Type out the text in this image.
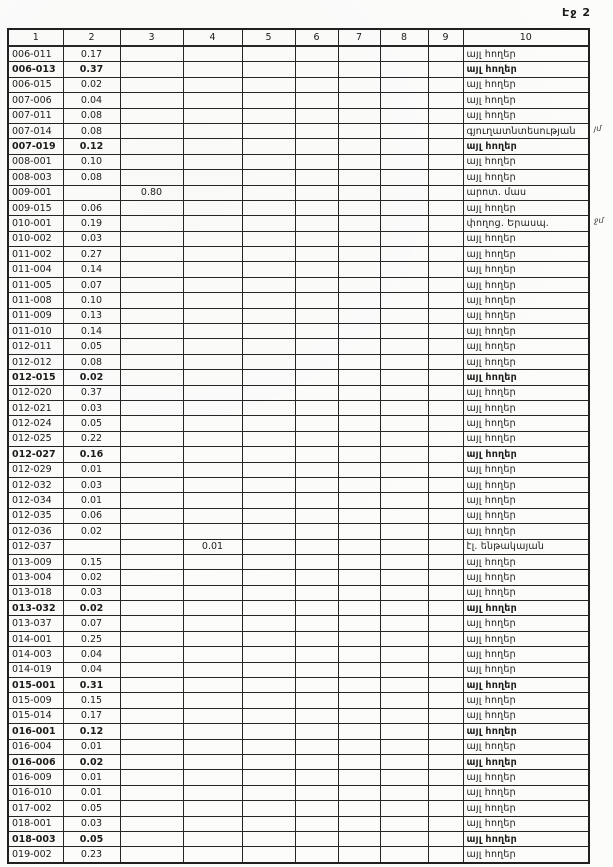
Էջ 2
1	2	3	4	5	6	7	8	9	10
006-011	0.17								այլ հողեր
006-013	0.37								այլ հողեր
006-015	0.02								այլ հողեր
007-006	0.04								այլ հողեր
007-011	0.08								այլ հողեր
007-014	0.08								գյուղատնտեսության
007-019	0.12								այլ հողեր
008-001	0.10								այլ հողեր
008-003	0.08								այլ հողեր
009-001		0.80							արոտ. մաս
009-015	0.06								այլ հողեր
010-001	0.19								փողոց. Երասպ.
010-002	0.03								այլ հողեր
011-002	0.27								այլ հողեր
011-004	0.14								այլ հողեր
011-005	0.07								այլ հողեր
011-008	0.10								այլ հողեր
011-009	0.13								այլ հողեր
011-010	0.14								այլ հողեր
012-011	0.05								այլ հողեր
012-012	0.08								այլ հողեր
012-015	0.02								այլ հողեր
012-020	0.37								այլ հողեր
012-021	0.03								այլ հողեր
012-024	0.05								այլ հողեր
012-025	0.22								այլ հողեր
012-027	0.16								այլ հողեր
012-029	0.01								այլ հողեր
012-032	0.03								այլ հողեր
012-034	0.01								այլ հողեր
012-035	0.06								այլ հողեր
012-036	0.02								այլ հողեր
012-037			0.01						էլ. ենթակայան
013-009	0.15								այլ հողեր
013-004	0.02								այլ հողեր
013-018	0.03								այլ հողեր
013-032	0.02								այլ հողեր
013-037	0.07								այլ հողեր
014-001	0.25								այլ հողեր
014-003	0.04								այլ հողեր
014-019	0.04								այլ հողեր
015-001	0.31								այլ հողեր
015-009	0.15								այլ հողեր
015-014	0.17								այլ հողեր
016-001	0.12								այլ հողեր
016-004	0.01								այլ հողեր
016-006	0.02								այլ հողեր
016-009	0.01								այլ հողեր
016-010	0.01								այլ հողեր
017-002	0.05								այլ հողեր
018-001	0.03								այլ հողեր
018-003	0.05								այլ հողեր
019-002	0.23								այլ հողեր
յմ
ջմ
